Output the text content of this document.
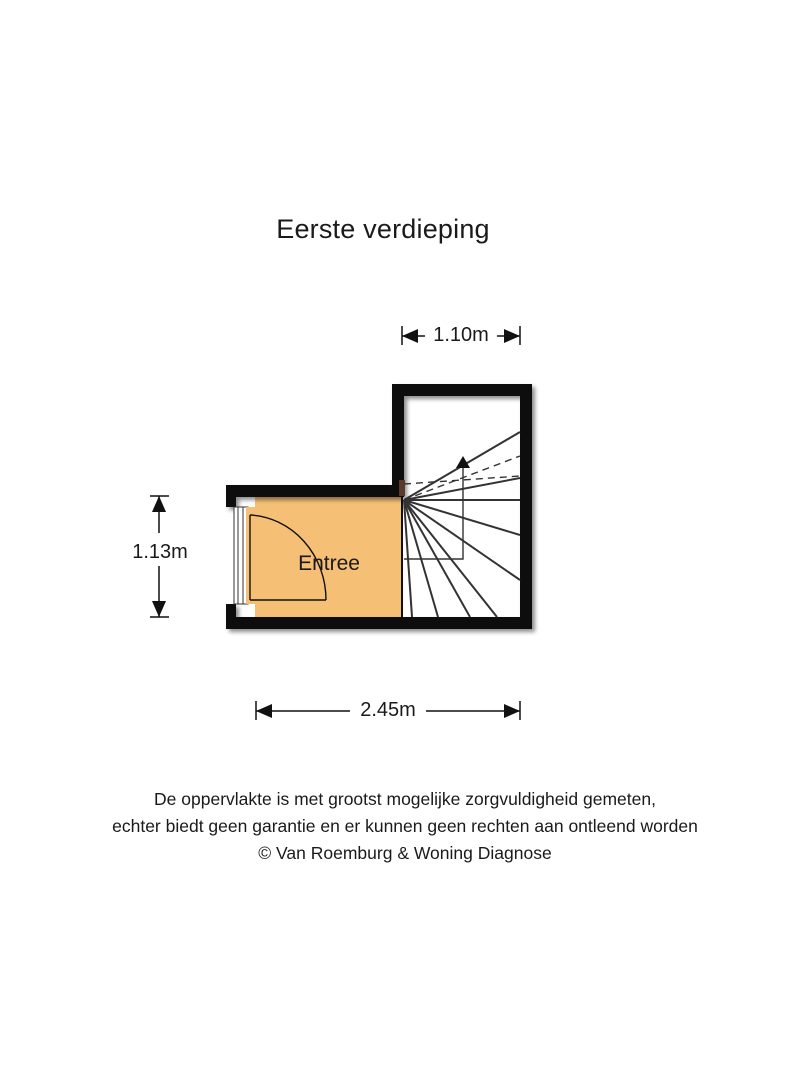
Eerste verdieping
Entree
1.10m
1.13m
2.45m
De oppervlakte is met grootst mogelijke zorgvuldigheid gemeten,
echter biedt geen garantie en er kunnen geen rechten aan ontleend worden
© Van Roemburg & Woning Diagnose
